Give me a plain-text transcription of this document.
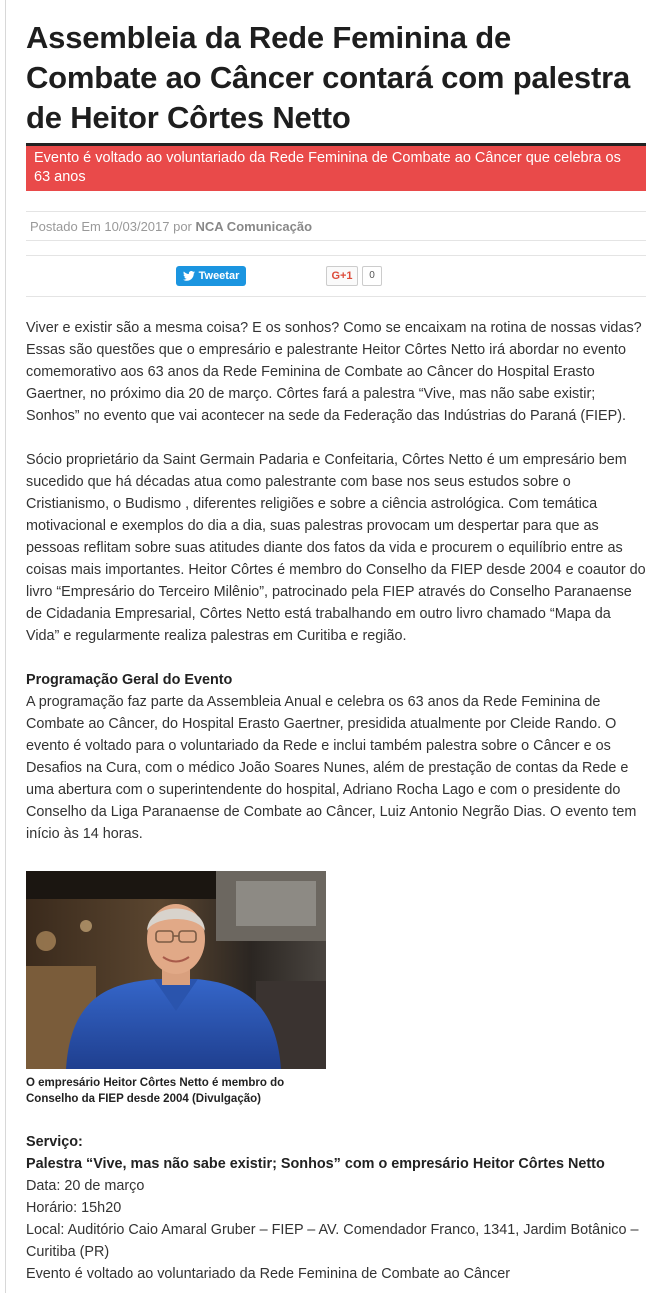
Assembleia da Rede Feminina de Combate ao Câncer contará com palestra de Heitor Côrtes Netto
Evento é voltado ao voluntariado da Rede Feminina de Combate ao Câncer que celebra os 63 anos
Postado Em 10/03/2017 por NCA Comunicação
Tweetar	G+1	0

Viver e existir são a mesma coisa? E os sonhos? Como se encaixam na rotina de nossas vidas? Essas são questões que o empresário e palestrante Heitor Côrtes Netto irá abordar no evento comemorativo aos 63 anos da Rede Feminina de Combate ao Câncer do Hospital Erasto Gaertner, no próximo dia 20 de março. Côrtes fará a palestra “Vive, mas não sabe existir; Sonhos” no evento que vai acontecer na sede da Federação das Indústrias do Paraná (FIEP).

Sócio proprietário da Saint Germain Padaria e Confeitaria, Côrtes Netto é um empresário bem sucedido que há décadas atua como palestrante com base nos seus estudos sobre o Cristianismo, o Budismo , diferentes religiões e sobre a ciência astrológica. Com temática motivacional e exemplos do dia a dia, suas palestras provocam um despertar para que as pessoas reflitam sobre suas atitudes diante dos fatos da vida e procurem o equilíbrio entre as coisas mais importantes. Heitor Côrtes é membro do Conselho da FIEP desde 2004 e coautor do livro “Empresário do Terceiro Milênio”, patrocinado pela FIEP através do Conselho Paranaense de Cidadania Empresarial, Côrtes Netto está trabalhando em outro livro chamado “Mapa da Vida” e regularmente realiza palestras em Curitiba e região.

Programação Geral do Evento

A programação faz parte da Assembleia Anual e celebra os 63 anos da Rede Feminina de Combate ao Câncer, do Hospital Erasto Gaertner, presidida atualmente por Cleide Rando. O evento é voltado para o voluntariado da Rede e inclui também palestra sobre o Câncer e os Desafios na Cura, com o médico João Soares Nunes, além de prestação de contas da Rede e uma abertura com o superintendente do hospital, Adriano Rocha Lago e com o presidente do Conselho da Liga Paranaense de Combate ao Câncer, Luiz Antonio Negrão Dias. O evento tem início às 14 horas.

O empresário Heitor Côrtes Netto é membro do Conselho da FIEP desde 2004 (Divulgação)

Serviço:

Palestra “Vive, mas não sabe existir; Sonhos” com o empresário Heitor Côrtes Netto

Data: 20 de março

Horário: 15h20

Local: Auditório Caio Amaral Gruber – FIEP – AV. Comendador Franco, 1341, Jardim Botânico – Curitiba (PR)

Evento é voltado ao voluntariado da Rede Feminina de Combate ao Câncer
